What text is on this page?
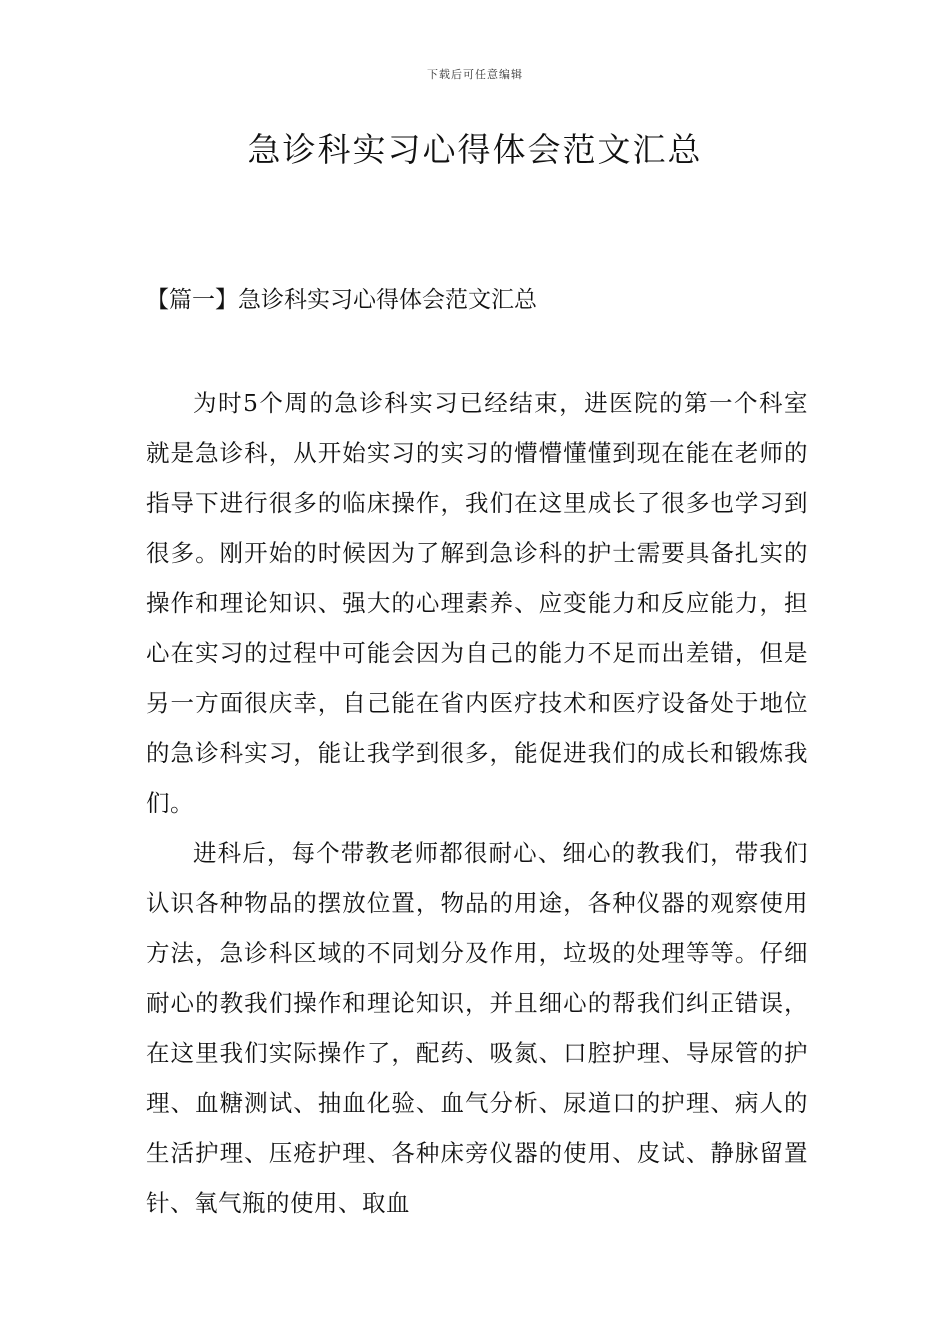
下载后可任意编辑
急诊科实习心得体会范文汇总
【篇一】急诊科实习心得体会范文汇总

为时5个周的急诊科实习已经结束，进医院的第一个科室就是急诊科，从开始实习的实习的懵懵懂懂到现在能在老师的指导下进行很多的临床操作，我们在这里成长了很多也学习到很多。刚开始的时候因为了解到急诊科的护士需要具备扎实的操作和理论知识、强大的心理素养、应变能力和反应能力，担心在实习的过程中可能会因为自己的能力不足而出差错，但是另一方面很庆幸，自己能在省内医疗技术和医疗设备处于地位的急诊科实习，能让我学到很多，能促进我们的成长和锻炼我们。

进科后，每个带教老师都很耐心、细心的教我们，带我们认识各种物品的摆放位置，物品的用途，各种仪器的观察使用方法，急诊科区域的不同划分及作用，垃圾的处理等等。仔细耐心的教我们操作和理论知识，并且细心的帮我们纠正错误，在这里我们实际操作了，配药、吸氮、口腔护理、导尿管的护理、血糖测试、抽血化验、血气分析、尿道口的护理、病人的生活护理、压疮护理、各种床旁仪器的使用、皮试、静脉留置针、氧气瓶的使用、取血
